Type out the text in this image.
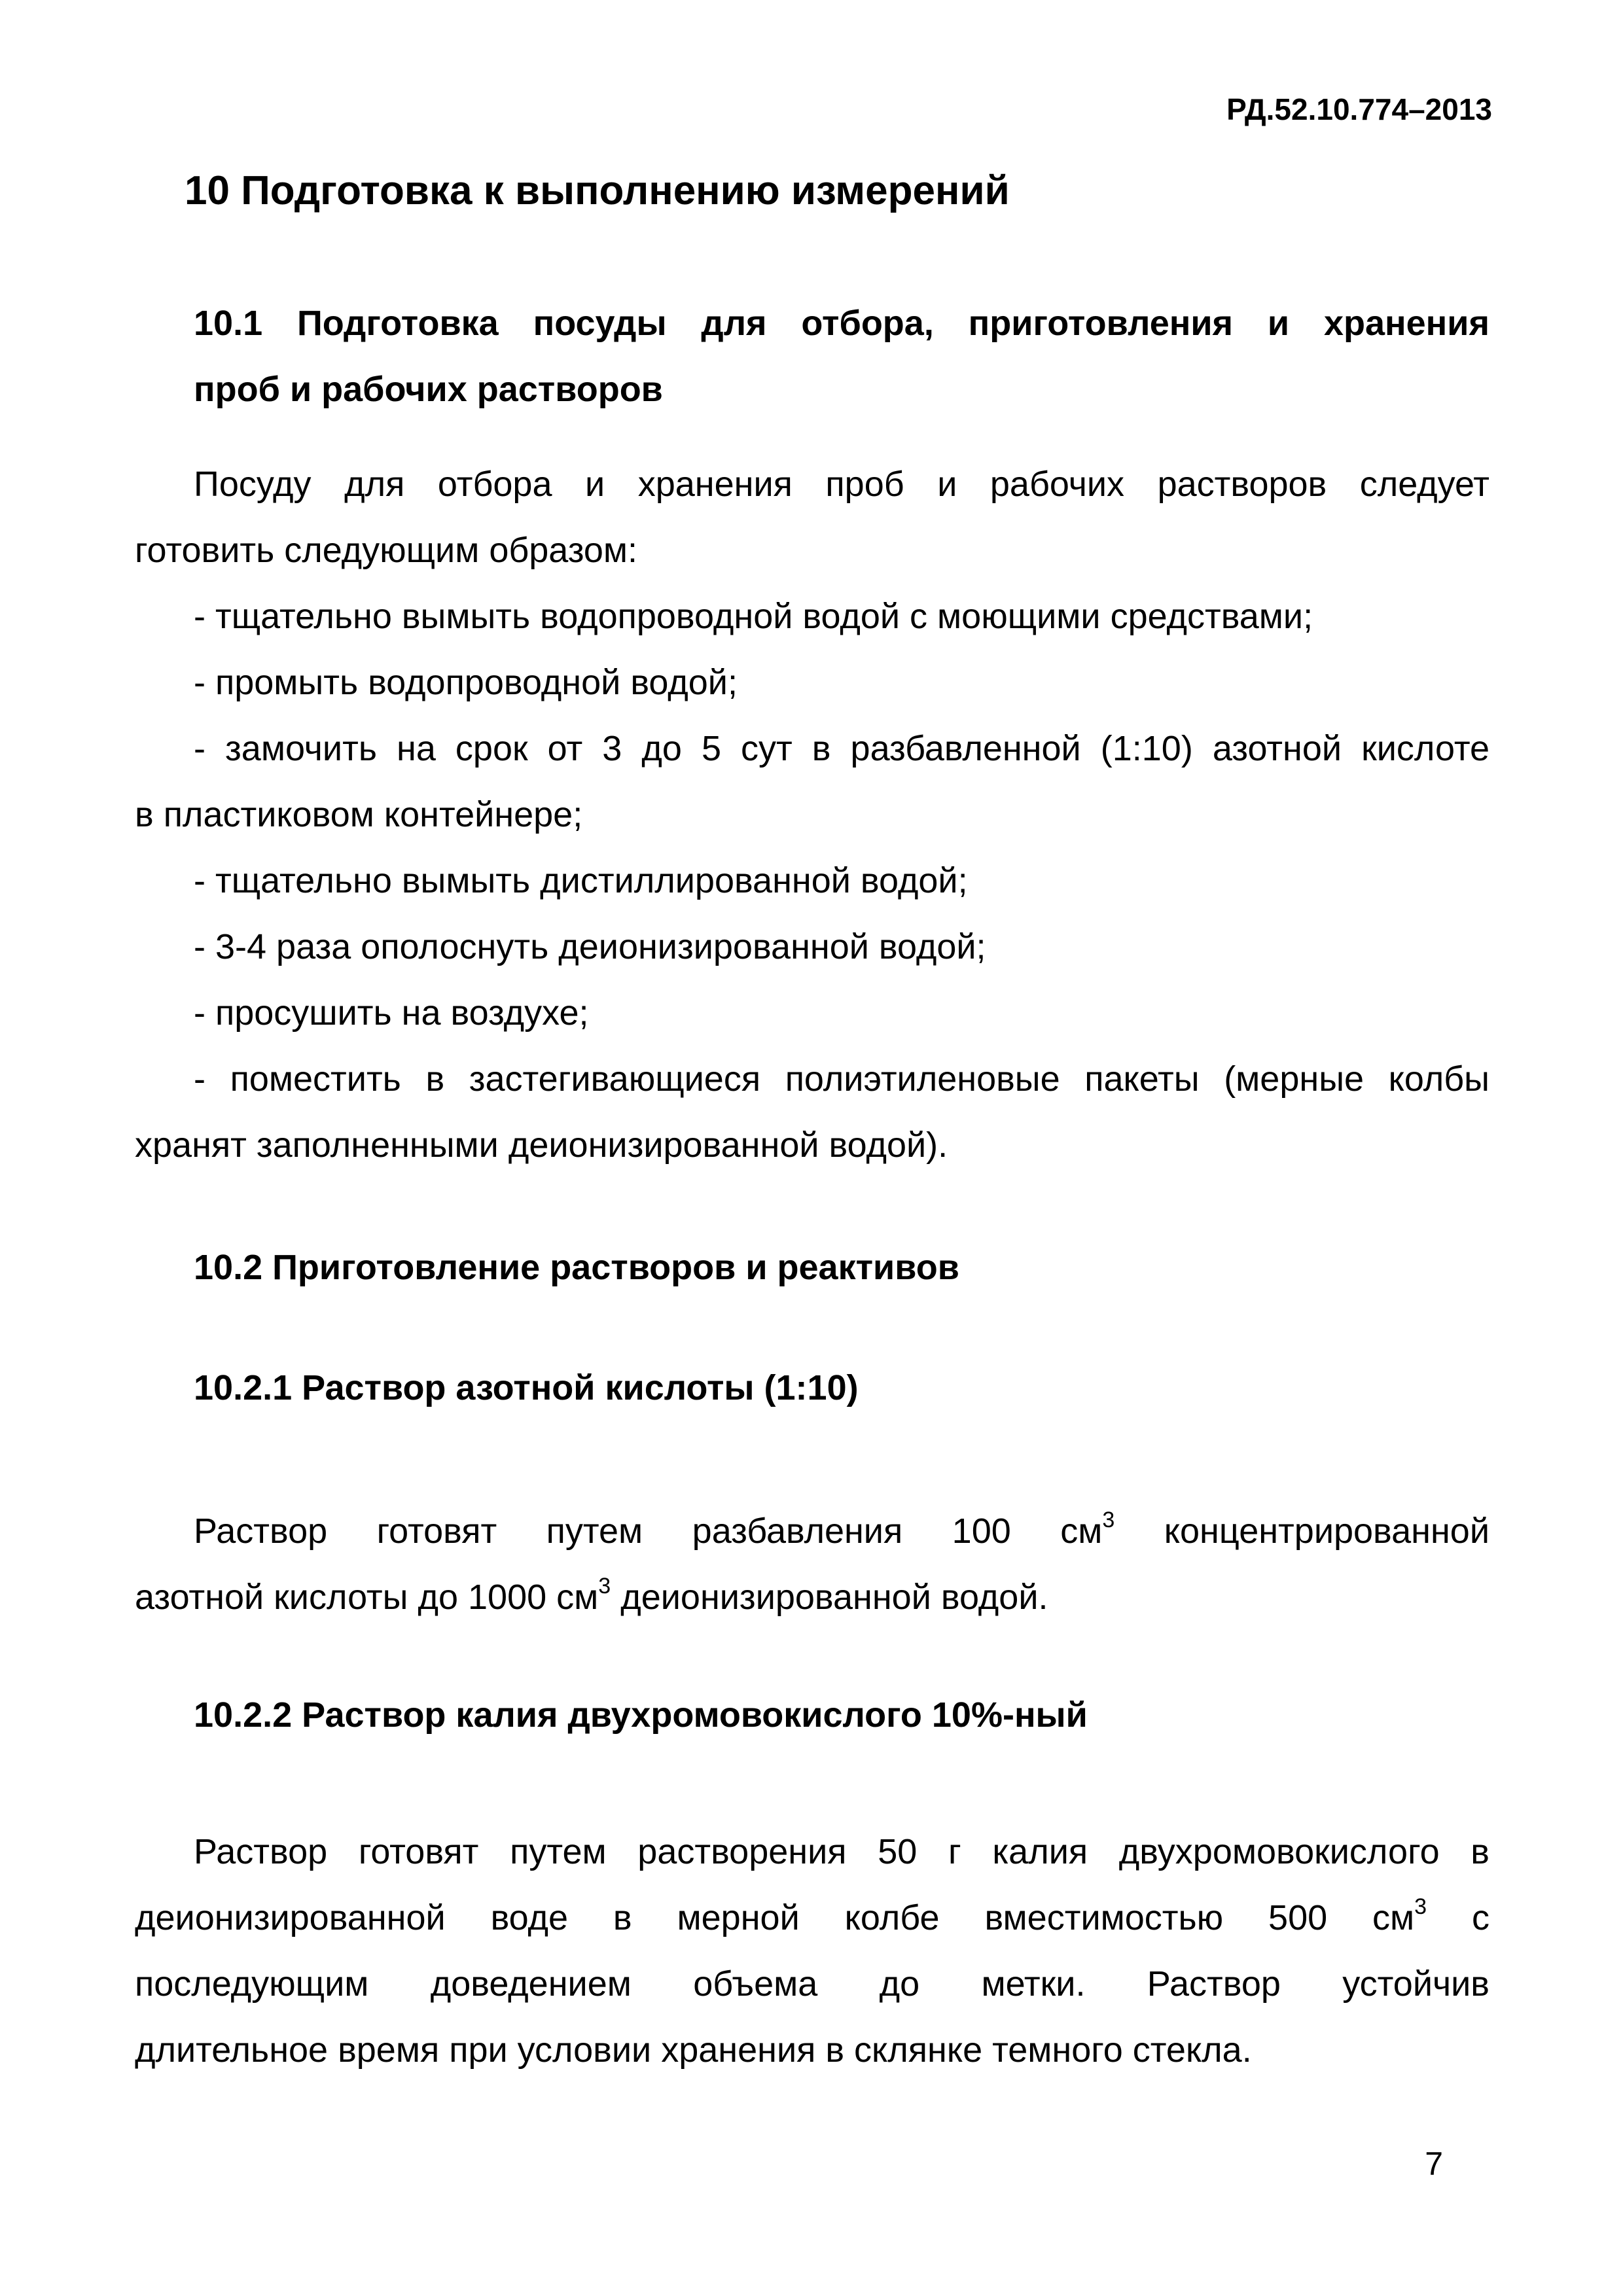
РД.52.10.774–2013
10 Подготовка к выполнению измерений
10.1 Подготовка посуды для отбора, приготовления и хранения
проб и рабочих растворов
Посуду для отбора и хранения проб и рабочих растворов следует
готовить следующим образом:
- тщательно вымыть водопроводной водой с моющими средствами;
- промыть водопроводной водой;
- замочить на срок от 3 до 5 сут в разбавленной (1:10) азотной кислоте
в пластиковом контейнере;
- тщательно вымыть дистиллированной водой;
- 3-4 раза ополоснуть деионизированной водой;
- просушить на воздухе;
- поместить в застегивающиеся полиэтиленовые пакеты (мерные колбы
хранят заполненными деионизированной водой).
10.2 Приготовление растворов и реактивов
10.2.1 Раствор азотной кислоты (1:10)
Раствор готовят путем разбавления 100 $см^3$ концентрированной
азотной кислоты до 1000 $см^3$ деионизированной водой.
10.2.2 Раствор калия двухромовокислого 10%-ный
Раствор готовят путем растворения 50 г калия двухромовокислого в
деионизированной воде в мерной колбе вместимостью 500 $см^3$ с
последующим доведением объема до метки. Раствор устойчив
длительное время при условии хранения в склянке темного стекла.
7
